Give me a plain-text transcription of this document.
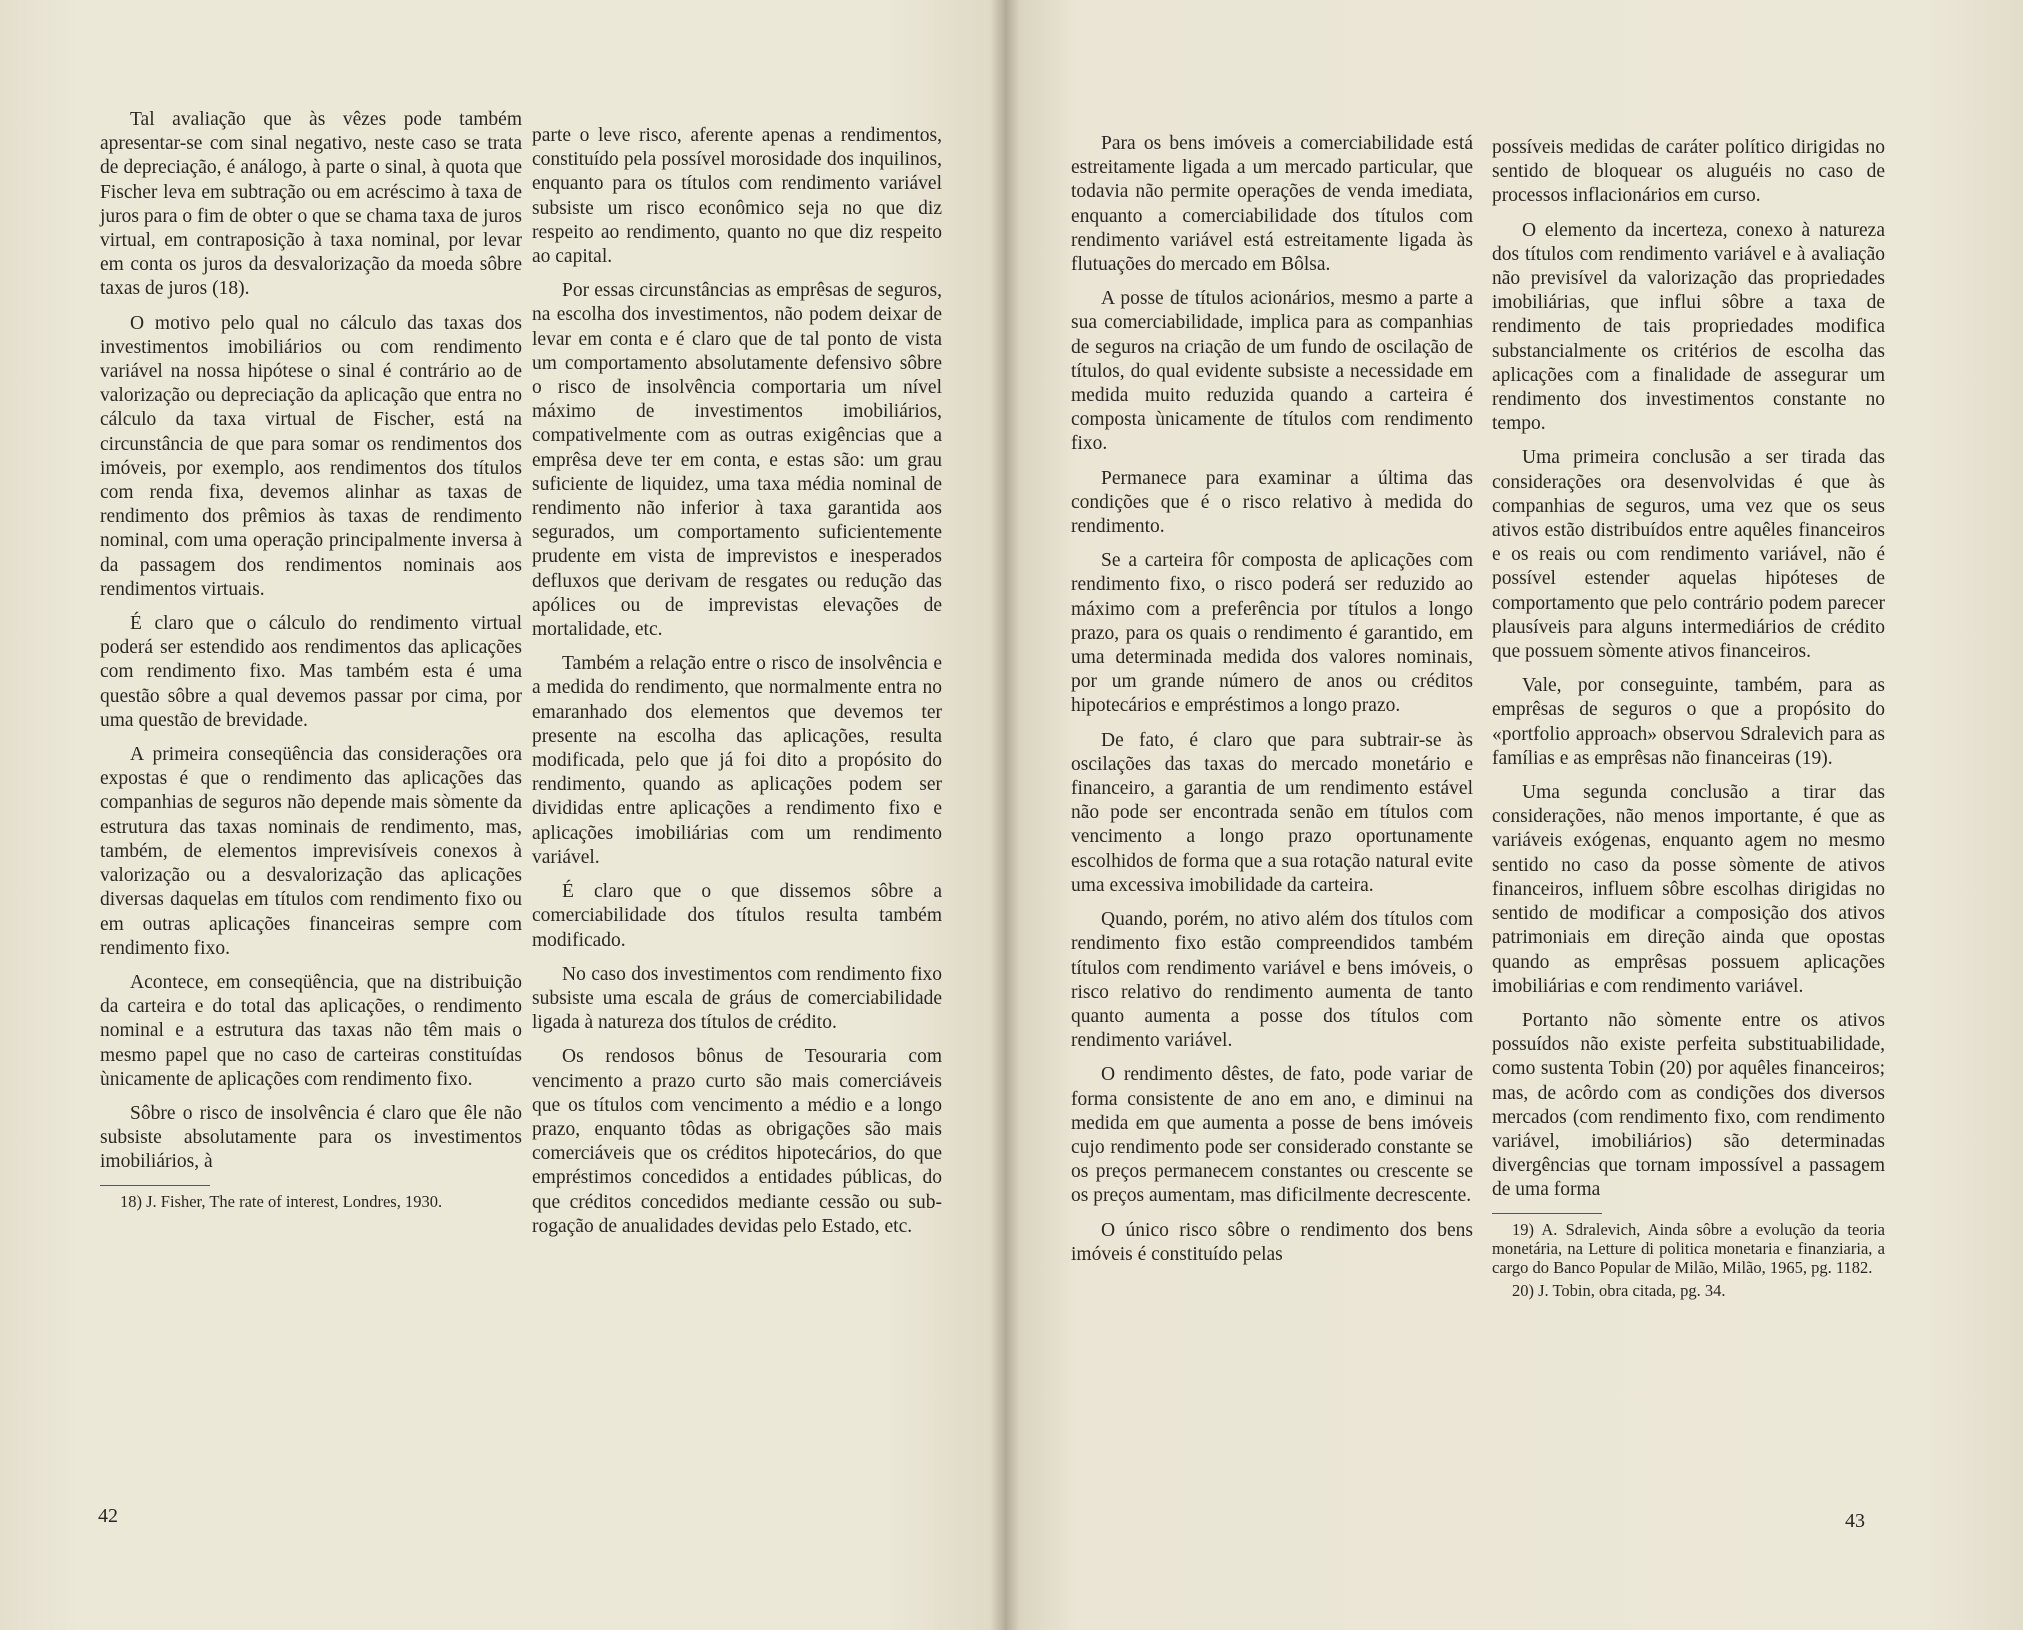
Tal avaliação que às vêzes pode também apresentar-se com sinal negativo, neste caso se trata de depreciação, é análogo, à parte o sinal, à quota que Fischer leva em subtração ou em acréscimo à taxa de juros para o fim de obter o que se chama taxa de juros virtual, em contraposição à taxa nominal, por levar em conta os juros da desvalorização da moeda sôbre taxas de juros (18).

O motivo pelo qual no cálculo das taxas dos investimentos imobiliários ou com rendimento variável na nossa hipótese o sinal é contrário ao de valorização ou depreciação da aplicação que entra no cálculo da taxa virtual de Fischer, está na circunstância de que para somar os rendimentos dos imóveis, por exemplo, aos rendimentos dos títulos com renda fixa, devemos alinhar as taxas de rendimento dos prêmios às taxas de rendimento nominal, com uma operação principalmente inversa à da passagem dos rendimentos nominais aos rendimentos virtuais.

É claro que o cálculo do rendimento virtual poderá ser estendido aos rendimentos das aplicações com rendimento fixo. Mas também esta é uma questão sôbre a qual devemos passar por cima, por uma questão de brevidade.

A primeira conseqüência das considerações ora expostas é que o rendimento das aplicações das companhias de seguros não depende mais sòmente da estrutura das taxas nominais de rendimento, mas, também, de elementos imprevisíveis conexos à valorização ou a desvalorização das aplicações diversas daquelas em títulos com rendimento fixo ou em outras aplicações financeiras sempre com rendimento fixo.

Acontece, em conseqüência, que na distribuição da carteira e do total das aplicações, o rendimento nominal e a estrutura das taxas não têm mais o mesmo papel que no caso de carteiras constituídas ùnicamente de aplicações com rendimento fixo.

Sôbre o risco de insolvência é claro que êle não subsiste absolutamente para os investimentos imobiliários, à

18) J. Fisher, The rate of interest, Londres, 1930.

parte o leve risco, aferente apenas a rendimentos, constituído pela possível morosidade dos inquilinos, enquanto para os títulos com rendimento variável subsiste um risco econômico seja no que diz respeito ao rendimento, quanto no que diz respeito ao capital.

Por essas circunstâncias as emprêsas de seguros, na escolha dos investimentos, não podem deixar de levar em conta e é claro que de tal ponto de vista um comportamento absolutamente defensivo sôbre o risco de insolvência comportaria um nível máximo de investimentos imobiliários, compativelmente com as outras exigências que a emprêsa deve ter em conta, e estas são: um grau suficiente de liquidez, uma taxa média nominal de rendimento não inferior à taxa garantida aos segurados, um comportamento suficientemente prudente em vista de imprevistos e inesperados defluxos que derivam de resgates ou redução das apólices ou de imprevistas elevações de mortalidade, etc.

Também a relação entre o risco de insolvência e a medida do rendimento, que normalmente entra no emaranhado dos elementos que devemos ter presente na escolha das aplicações, resulta modificada, pelo que já foi dito a propósito do rendimento, quando as aplicações podem ser divididas entre aplicações a rendimento fixo e aplicações imobiliárias com um rendimento variável.

É claro que o que dissemos sôbre a comerciabilidade dos títulos resulta também modificado.

No caso dos investimentos com rendimento fixo subsiste uma escala de gráus de comerciabilidade ligada à natureza dos títulos de crédito.

Os rendosos bônus de Tesouraria com vencimento a prazo curto são mais comerciáveis que os títulos com vencimento a médio e a longo prazo, enquanto tôdas as obrigações são mais comerciáveis que os créditos hipotecários, do que empréstimos concedidos a entidades públicas, do que créditos concedidos mediante cessão ou sub-rogação de anualidades devidas pelo Estado, etc.

42

Para os bens imóveis a comerciabilidade está estreitamente ligada a um mercado particular, que todavia não permite operações de venda imediata, enquanto a comerciabilidade dos títulos com rendimento variável está estreitamente ligada às flutuações do mercado em Bôlsa.

A posse de títulos acionários, mesmo a parte a sua comerciabilidade, implica para as companhias de seguros na criação de um fundo de oscilação de títulos, do qual evidente subsiste a necessidade em medida muito reduzida quando a carteira é composta ùnicamente de títulos com rendimento fixo.

Permanece para examinar a última das condições que é o risco relativo à medida do rendimento.

Se a carteira fôr composta de aplicações com rendimento fixo, o risco poderá ser reduzido ao máximo com a preferência por títulos a longo prazo, para os quais o rendimento é garantido, em uma determinada medida dos valores nominais, por um grande número de anos ou créditos hipotecários e empréstimos a longo prazo.

De fato, é claro que para subtrair-se às oscilações das taxas do mercado monetário e financeiro, a garantia de um rendimento estável não pode ser encontrada senão em títulos com vencimento a longo prazo oportunamente escolhidos de forma que a sua rotação natural evite uma excessiva imobilidade da carteira.

Quando, porém, no ativo além dos títulos com rendimento fixo estão compreendidos também títulos com rendimento variável e bens imóveis, o risco relativo do rendimento aumenta de tanto quanto aumenta a posse dos títulos com rendimento variável.

O rendimento dêstes, de fato, pode variar de forma consistente de ano em ano, e diminui na medida em que aumenta a posse de bens imóveis cujo rendimento pode ser considerado constante se os preços permanecem constantes ou crescente se os preços aumentam, mas dificilmente decrescente.

O único risco sôbre o rendimento dos bens imóveis é constituído pelas

possíveis medidas de caráter político dirigidas no sentido de bloquear os aluguéis no caso de processos inflacionários em curso.

O elemento da incerteza, conexo à natureza dos títulos com rendimento variável e à avaliação não previsível da valorização das propriedades imobiliárias, que influi sôbre a taxa de rendimento de tais propriedades modifica substancialmente os critérios de escolha das aplicações com a finalidade de assegurar um rendimento dos investimentos constante no tempo.

Uma primeira conclusão a ser tirada das considerações ora desenvolvidas é que às companhias de seguros, uma vez que os seus ativos estão distribuídos entre aquêles financeiros e os reais ou com rendimento variável, não é possível estender aquelas hipóteses de comportamento que pelo contrário podem parecer plausíveis para alguns intermediários de crédito que possuem sòmente ativos financeiros.

Vale, por conseguinte, também, para as emprêsas de seguros o que a propósito do «portfolio approach» observou Sdralevich para as famílias e as emprêsas não financeiras (19).

Uma segunda conclusão a tirar das considerações, não menos importante, é que as variáveis exógenas, enquanto agem no mesmo sentido no caso da posse sòmente de ativos financeiros, influem sôbre escolhas dirigidas no sentido de modificar a composição dos ativos patrimoniais em direção ainda que opostas quando as emprêsas possuem aplicações imobiliárias e com rendimento variável.

Portanto não sòmente entre os ativos possuídos não existe perfeita substituabilidade, como sustenta Tobin (20) por aquêles financeiros; mas, de acôrdo com as condições dos diversos mercados (com rendimento fixo, com rendimento variável, imobiliários) são determinadas divergências que tornam impossível a passagem de uma forma

19) A. Sdralevich, Ainda sôbre a evolução da teoria monetária, na Letture di politica monetaria e finanziaria, a cargo do Banco Popular de Milão, Milão, 1965, pg. 1182.

20) J. Tobin, obra citada, pg. 34.

43
